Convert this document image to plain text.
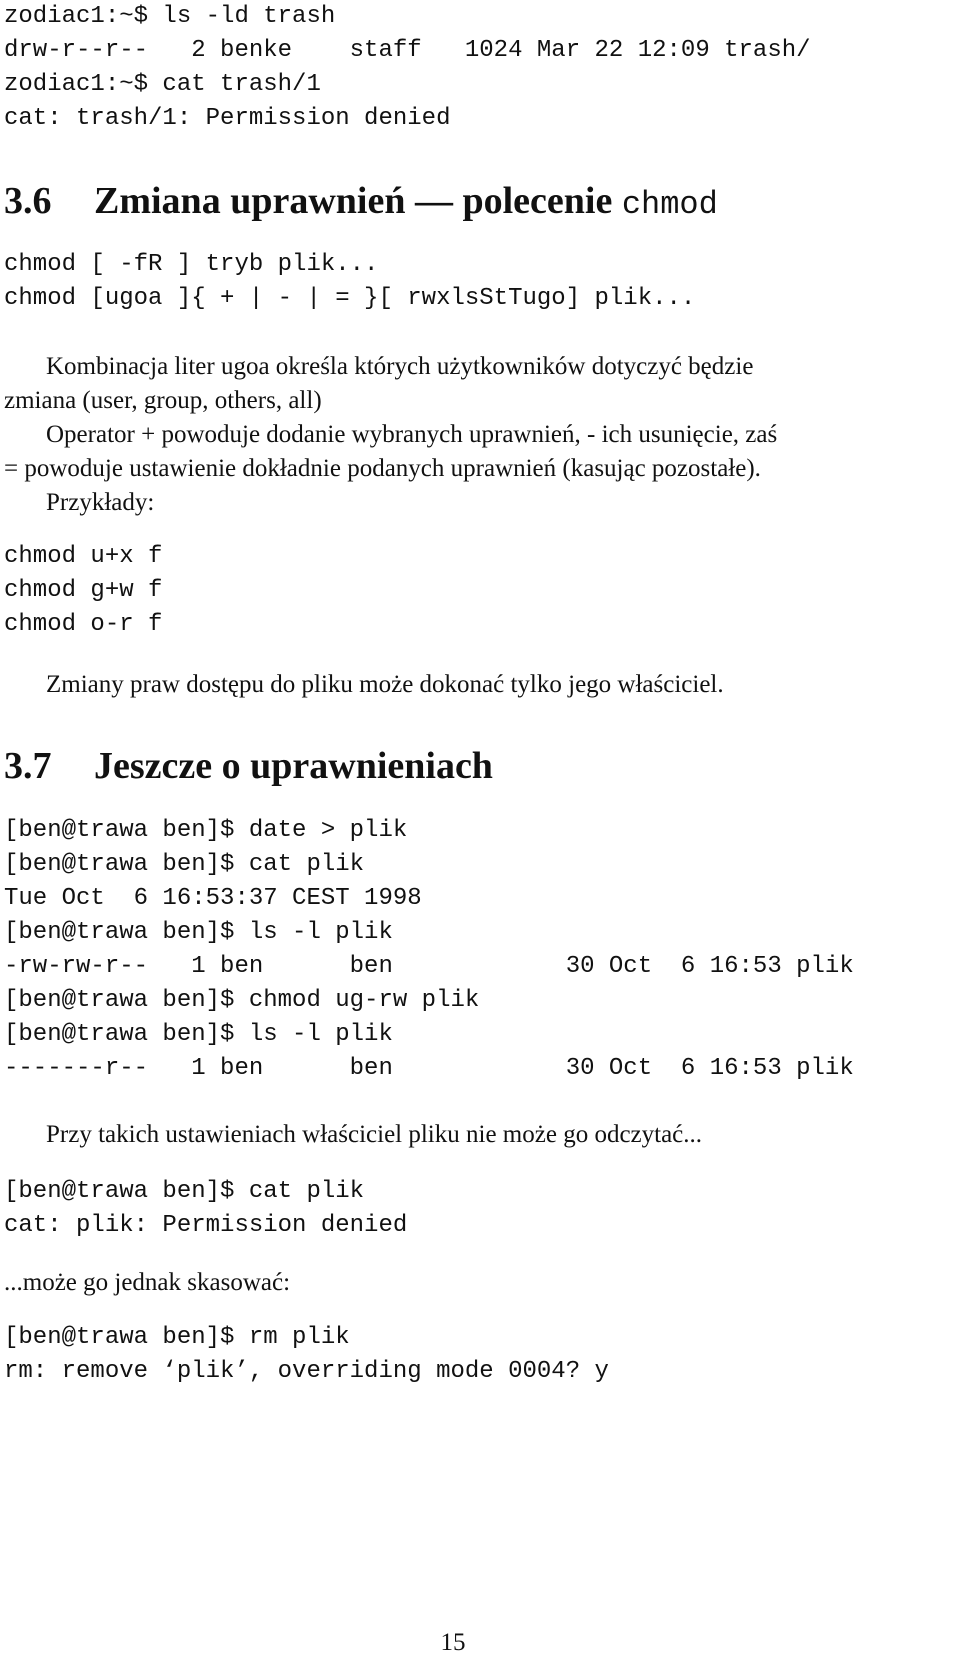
zodiac1:~$ ls -ld trash
drw-r--r--   2 benke    staff   1024 Mar 22 12:09 trash/
zodiac1:~$ cat trash/1
cat: trash/1: Permission denied
3.6 Zmiana uprawnień — polecenie chmod
chmod [ -fR ] tryb plik...
chmod [ugoa ]{ + | - | = }[ rwxlsStTugo] plik...
Kombinacja liter ugoa określa których użytkowników dotyczyć będzie
zmiana (user, group, others, all)
Operator + powoduje dodanie wybranych uprawnień, - ich usunięcie, zaś
= powoduje ustawienie dokładnie podanych uprawnień (kasując pozostałe).
Przykłady:
chmod u+x f
chmod g+w f
chmod o-r f
Zmiany praw dostępu do pliku może dokonać tylko jego właściciel.
3.7 Jeszcze o uprawnieniach
[ben@trawa ben]$ date > plik
[ben@trawa ben]$ cat plik
Tue Oct  6 16:53:37 CEST 1998
[ben@trawa ben]$ ls -l plik
-rw-rw-r--   1 ben      ben            30 Oct  6 16:53 plik
[ben@trawa ben]$ chmod ug-rw plik
[ben@trawa ben]$ ls -l plik
-------r--   1 ben      ben            30 Oct  6 16:53 plik
Przy takich ustawieniach właściciel pliku nie może go odczytać...
[ben@trawa ben]$ cat plik
cat: plik: Permission denied
...może go jednak skasować:
[ben@trawa ben]$ rm plik
rm: remove ‘plik’, overriding mode 0004? y
15
